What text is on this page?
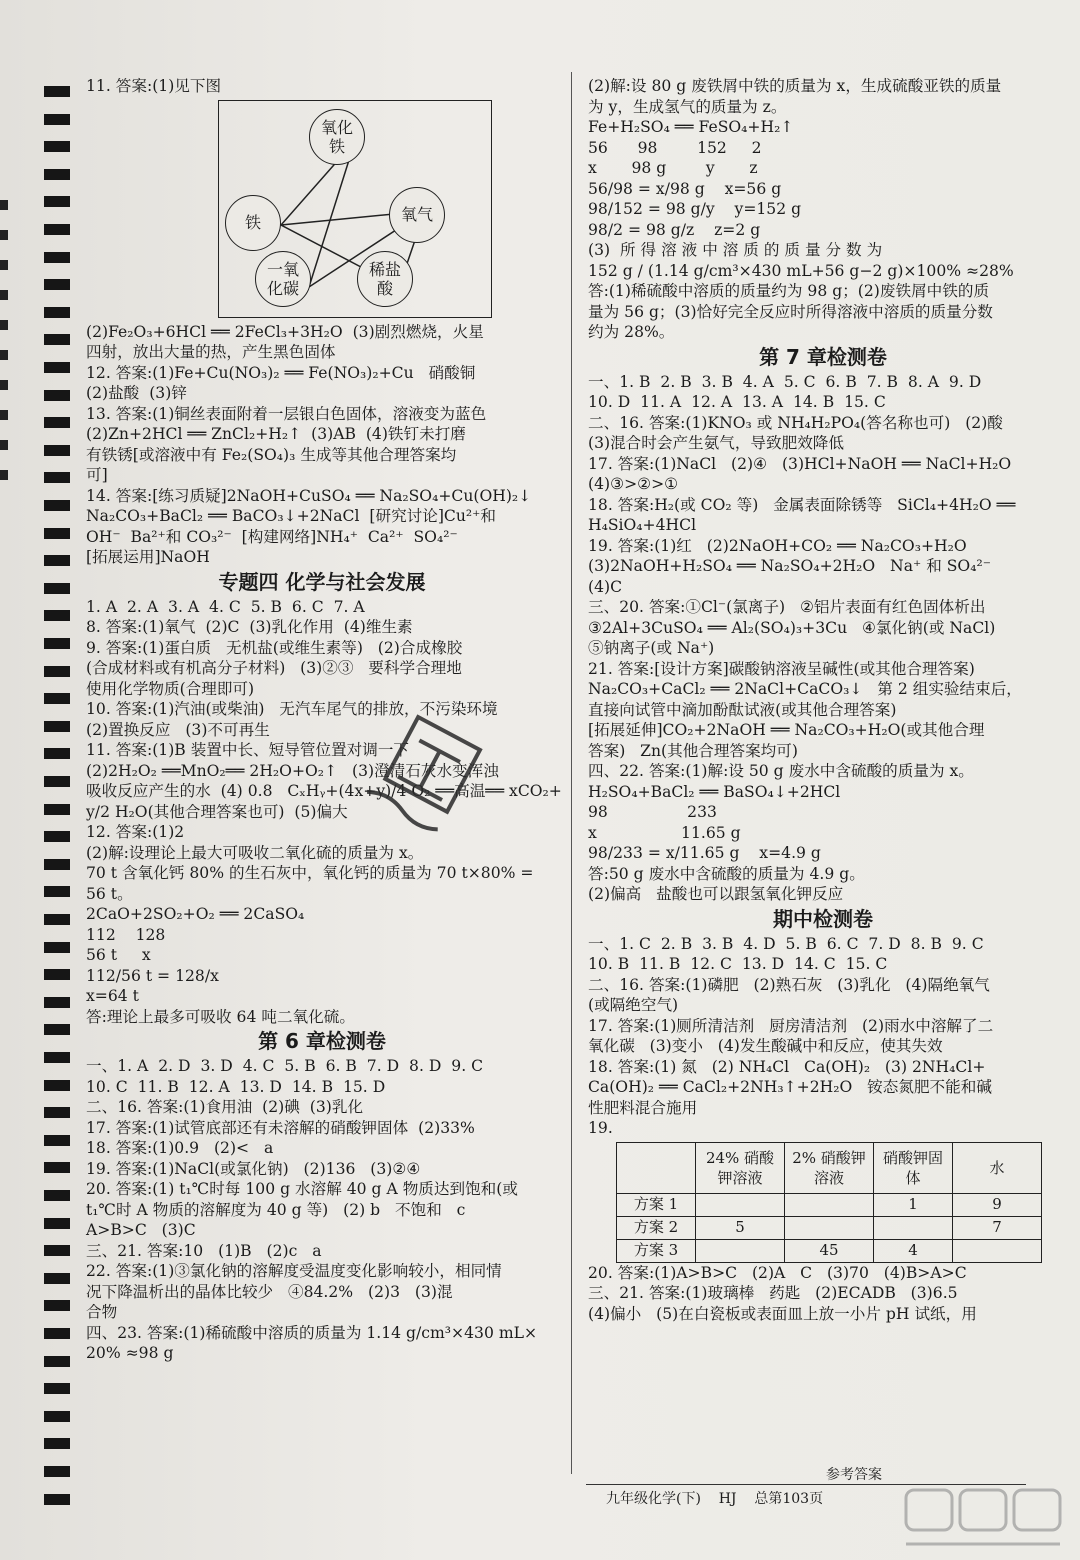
11. 答案:(1)见下图
氧化铁
铁	氧气
一氧化碳
稀盐酸
(2)Fe₂O₃+6HCl ══ 2FeCl₃+3H₂O  (3)剧烈燃烧，火星
四射，放出大量的热，产生黑色固体
12. 答案:(1)Fe+Cu(NO₃)₂ ══ Fe(NO₃)₂+Cu   硝酸铜
(2)盐酸  (3)锌
13. 答案:(1)铜丝表面附着一层银白色固体，溶液变为蓝色
(2)Zn+2HCl ══ ZnCl₂+H₂↑  (3)AB  (4)铁钉未打磨
有铁锈[或溶液中有 Fe₂(SO₄)₃ 生成等其他合理答案均
可]
14. 答案:[练习质疑]2NaOH+CuSO₄ ══ Na₂SO₄+Cu(OH)₂↓
Na₂CO₃+BaCl₂ ══ BaCO₃↓+2NaCl  [研究讨论]Cu²⁺和
OH⁻  Ba²⁺和 CO₃²⁻  [构建网络]NH₄⁺  Ca²⁺  SO₄²⁻
[拓展运用]NaOH
专题四 化学与社会发展
1. A  2. A  3. A  4. C  5. B  6. C  7. A
8. 答案:(1)氧气  (2)C  (3)乳化作用  (4)维生素
9. 答案:(1)蛋白质   无机盐(或维生素等)   (2)合成橡胶
(合成材料或有机高分子材料)   (3)②③   要科学合理地
使用化学物质(合理即可)
10. 答案:(1)汽油(或柴油)   无汽车尾气的排放，不污染环境
(2)置换反应   (3)不可再生
11. 答案:(1)B 装置中长、短导管位置对调一下
(2)2H₂O₂ ══MnO₂══ 2H₂O+O₂↑   (3)澄清石灰水变浑浊
吸收反应产生的水  (4) 0.8   CₓHᵧ+(4x+y)/4 O₂ ══高温══ xCO₂+
y/2 H₂O(其他合理答案也可)  (5)偏大
12. 答案:(1)2
(2)解:设理论上最大可吸收二氧化硫的质量为 x。
70 t 含氧化钙 80% 的生石灰中，氧化钙的质量为 70 t×80% =
56 t。
2CaO+2SO₂+O₂ ══ 2CaSO₄
112    128
56 t     x
112/56 t = 128/x
x=64 t
答:理论上最多可吸收 64 吨二氧化硫。
第 6 章检测卷
一、1. A  2. D  3. D  4. C  5. B  6. B  7. D  8. D  9. C
10. C  11. B  12. A  13. D  14. B  15. D
二、16. 答案:(1)食用油  (2)碘  (3)乳化
17. 答案:(1)试管底部还有未溶解的硝酸钾固体  (2)33%
18. 答案:(1)0.9   (2)<   a
19. 答案:(1)NaCl(或氯化钠)   (2)136   (3)②④
20. 答案:(1) t₁℃时每 100 g 水溶解 40 g A 物质达到饱和(或
t₁℃时 A 物质的溶解度为 40 g 等)   (2) b   不饱和   c
A>B>C   (3)C
三、21. 答案:10   (1)B   (2)c   a
22. 答案:(1)③氯化钠的溶解度受温度变化影响较小，相同情
况下降温析出的晶体比较少   ④84.2%   (2)3   (3)混
合物
四、23. 答案:(1)稀硫酸中溶质的质量为 1.14 g/cm³×430 mL×
20% ≈98 g
(2)解:设 80 g 废铁屑中铁的质量为 x，生成硫酸亚铁的质量
为 y，生成氢气的质量为 z。
Fe+H₂SO₄ ══ FeSO₄+H₂↑
56      98        152     2
x       98 g        y       z
56/98 = x/98 g    x=56 g
98/152 = 98 g/y    y=152 g
98/2 = 98 g/z    z=2 g
(3)  所 得 溶 液 中 溶 质 的 质 量 分 数 为
152 g / (1.14 g/cm³×430 mL+56 g−2 g)×100% ≈28%
答:(1)稀硫酸中溶质的质量约为 98 g；(2)废铁屑中铁的质
量为 56 g；(3)恰好完全反应时所得溶液中溶质的质量分数
约为 28%。
第 7 章检测卷
一、1. B  2. B  3. B  4. A  5. C  6. B  7. B  8. A  9. D
10. D  11. A  12. A  13. A  14. B  15. C
二、16. 答案:(1)KNO₃ 或 NH₄H₂PO₄(答名称也可)   (2)酸
(3)混合时会产生氨气，导致肥效降低
17. 答案:(1)NaCl   (2)④   (3)HCl+NaOH ══ NaCl+H₂O
(4)③>②>①
18. 答案:H₂(或 CO₂ 等)   金属表面除锈等   SiCl₄+4H₂O ══
H₄SiO₄+4HCl
19. 答案:(1)红   (2)2NaOH+CO₂ ══ Na₂CO₃+H₂O
(3)2NaOH+H₂SO₄ ══ Na₂SO₄+2H₂O   Na⁺ 和 SO₄²⁻
(4)C
三、20. 答案:①Cl⁻(氯离子)   ②铝片表面有红色固体析出
③2Al+3CuSO₄ ══ Al₂(SO₄)₃+3Cu   ④氯化钠(或 NaCl)
⑤钠离子(或 Na⁺)
21. 答案:[设计方案]碳酸钠溶液呈碱性(或其他合理答案)
Na₂CO₃+CaCl₂ ══ 2NaCl+CaCO₃↓   第 2 组实验结束后，
直接向试管中滴加酚酞试液(或其他合理答案)
[拓展延伸]CO₂+2NaOH ══ Na₂CO₃+H₂O(或其他合理
答案)   Zn(其他合理答案均可)
四、22. 答案:(1)解:设 50 g 废水中含硫酸的质量为 x。
H₂SO₄+BaCl₂ ══ BaSO₄↓+2HCl
98                233
x                 11.65 g
98/233 = x/11.65 g    x=4.9 g
答:50 g 废水中含硫酸的质量为 4.9 g。
(2)偏高   盐酸也可以跟氢氧化钾反应
期中检测卷
一、1. C  2. B  3. B  4. D  5. B  6. C  7. D  8. B  9. C
10. B  11. B  12. C  13. D  14. C  15. C
二、16. 答案:(1)磷肥   (2)熟石灰   (3)乳化   (4)隔绝氧气
(或隔绝空气)
17. 答案:(1)厕所清洁剂   厨房清洁剂   (2)雨水中溶解了二
氧化碳   (3)变小   (4)发生酸碱中和反应，使其失效
18. 答案:(1) 氮   (2) NH₄Cl   Ca(OH)₂   (3) 2NH₄Cl+
Ca(OH)₂ ══ CaCl₂+2NH₃↑+2H₂O   铵态氮肥不能和碱
性肥料混合施用
19.
	24% 硝酸钾溶液	2% 硝酸钾溶液	硝酸钾固体	水
方案 1			1	9
方案 2	5			7
方案 3		45	4	
20. 答案:(1)A>B>C   (2)A   C   (3)70   (4)B>A>C
三、21. 答案:(1)玻璃棒   药匙   (2)ECADB   (3)6.5
(4)偏小   (5)在白瓷板或表面皿上放一小片 pH 试纸，用
参考答案
九年级化学(下)    HJ    总第103页
